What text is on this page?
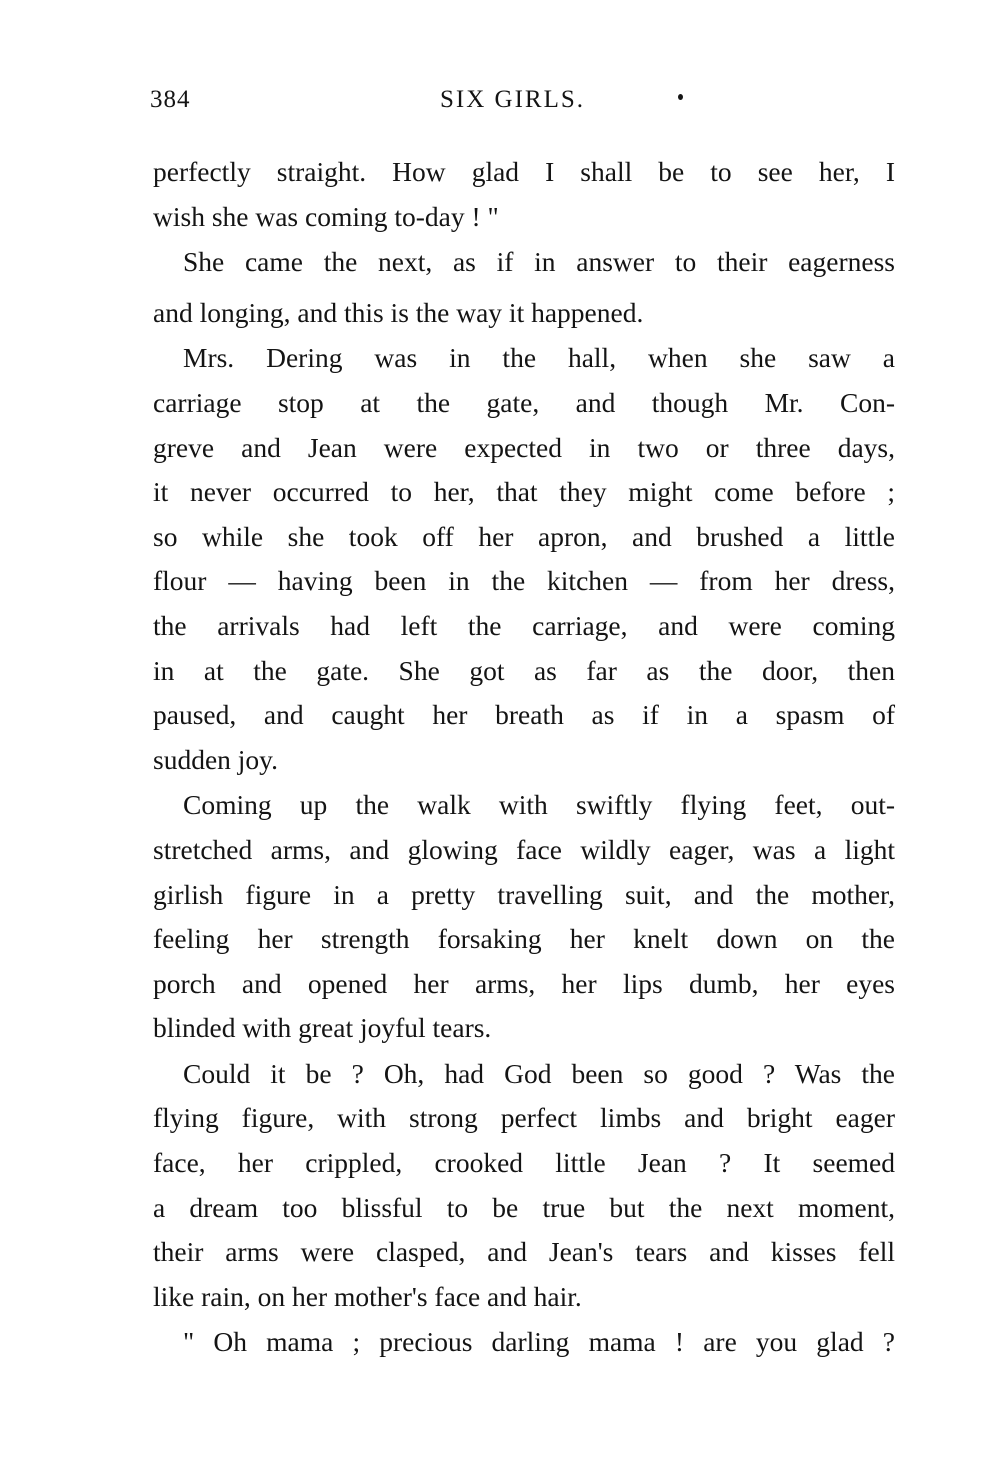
384	SIX GIRLS.
perfectly straight. How glad I shall be to see her, I
wish she was coming to-day ! "
She came the next, as if in answer to their eagerness
and longing, and this is the way it happened.
Mrs. Dering was in the hall, when she saw a
carriage stop at the gate, and though Mr. Con-
greve and Jean were expected in two or three days,
it never occurred to her, that they might come before ;
so while she took off her apron, and brushed a little
flour — having been in the kitchen — from her dress,
the arrivals had left the carriage, and were coming
in at the gate. She got as far as the door, then
paused, and caught her breath as if in a spasm of
sudden joy.
Coming up the walk with swiftly flying feet, out-
stretched arms, and glowing face wildly eager, was a light
girlish figure in a pretty travelling suit, and the mother,
feeling her strength forsaking her knelt down on the
porch and opened her arms, her lips dumb, her eyes
blinded with great joyful tears.
Could it be ? Oh, had God been so good ? Was the
flying figure, with strong perfect limbs and bright eager
face, her crippled, crooked little Jean ? It seemed
a dream too blissful to be true but the next moment,
their arms were clasped, and Jean's tears and kisses fell
like rain, on her mother's face and hair.
" Oh mama ; precious darling mama ! are you glad ?
